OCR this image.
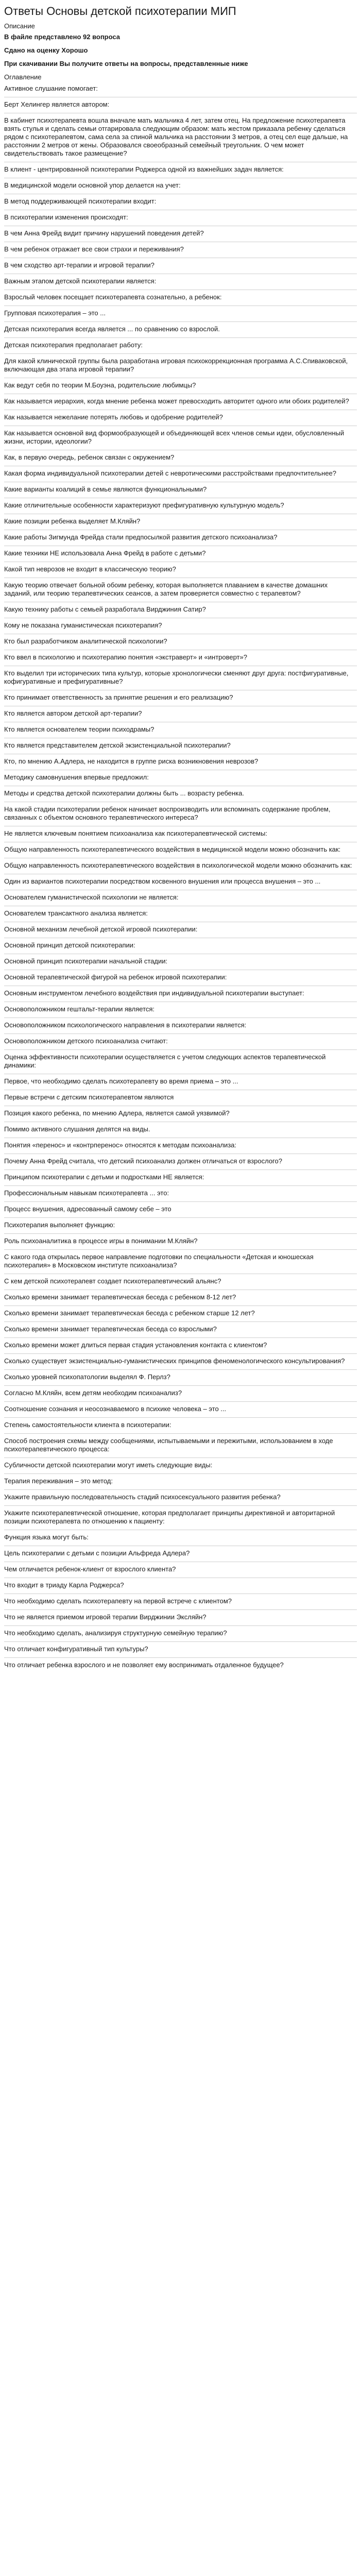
Ответы Основы детской психотерапии МИП

Описание

В файле представлено 92 вопроса

Сдано на оценку Хорошо

При скачивании Вы получите ответы на вопросы, представленные ниже

Оглавление

Активное слушание помогает:

Берт Хелингер является автором:

В кабинет психотерапевта вошла вначале мать мальчика 4 лет, затем отец. На предложение психотерапевта взять стулья и сделать семьи отгарировала следующим образом: мать жестом приказала ребенку сделаться рядом с психотерапевтом, сама села за спиной мальчика на расстоянии 3 метров, а отец сел еще дальше, на расстоянии 2 метров от жены. Образовался своеобразный семейный треугольник. О чем может свидетельствовать такое размещение?

В клиент - центрированной психотерапии Роджерса одной из важнейших задач является:

В медицинской модели основной упор делается на учет:

В метод поддерживающей психотерапии входит:

В психотерапии изменения происходят:

В чем Анна Фрейд видит причину нарушений поведения детей?

В чем ребенок отражает все свои страхи и переживания?

В чем сходство арт-терапии и игровой терапии?

Важным этапом детской психотерапии является:

Взрослый человек посещает психотерапевта сознательно, а ребенок:

Групповая психотерапия – это ...

Детская психотерапия всегда является ... по сравнению со взрослой.

Детская психотерапия предполагает работу:

Для какой клинической группы была разработана игровая психокоррекционная программа А.С.Спиваковской, включающая два этапа игровой терапии?

Как ведут себя по теории М.Боуэна, родительские любимцы?

Как называется иерархия, когда мнение ребенка может превосходить авторитет одного или обоих родителей?

Как называется нежелание потерять любовь и одобрение родителей?

Как называется основной вид формообразующей и объединяющей всех членов семьи идеи, обусловленный жизни, истории, идеологии?

Как, в первую очередь, ребенок связан с окружением?

Какая форма индивидуальной психотерапии детей с невротическими расстройствами предпочтительнее?

Какие варианты коалиций в семье являются функциональными?

Какие отличительные особенности характеризуют префигуративную культурную модель?

Какие позиции ребенка выделяет М.Кляйн?

Какие работы Зигмунда Фрейда стали предпосылкой развития детского психоанализа?

Какие техники НЕ использовала Анна Фрейд в работе с детьми?

Какой тип неврозов не входит в классическую теорию?

Какую теорию отвечает больной обоим ребенку, которая выполняется плаванием в качестве домашних заданий, или теорию терапевтических сеансов, а затем проверяется совместно с терапевтом?

Какую технику работы с семьей разработала Вирджиния Сатир?

Кому не показана гуманистическая психотерапия?

Кто был разработчиком аналитической психологии?

Кто ввел в психологию и психотерапию понятия «экстраверт» и «интроверт»?

Кто выделил три исторических типа культур, которые хронологически сменяют друг друга: постфигуративные, кофигуративные и префигуративные?

Кто принимает ответственность за принятие решения и его реализацию?

Кто является автором детской арт-терапии?

Кто является основателем теории психодрамы?

Кто является представителем детской экзистенциальной психотерапии?

Кто, по мнению А.Адлера, не находится в группе риска возникновения неврозов?

Методику самовнушения впервые предложил:

Методы и средства детской психотерапии должны быть ... возрасту ребенка.

На какой стадии психотерапии ребенок начинает воспроизводить или вспоминать содержание проблем, связанных с объектом основного терапевтического интереса?

Не является ключевым понятием психоанализа как психотерапевтической системы:

Общую направленность психотерапевтического воздействия в медицинской модели можно обозначить как:

Общую направленность психотерапевтического воздействия в психологической модели можно обозначить как:

Один из вариантов психотерапии посредством косвенного внушения или процесса внушения – это ...

Основателем гуманистической психологии не является:

Основателем трансактного анализа является:

Основной механизм лечебной детской игровой психотерапии:

Основной принцип детской психотерапии:

Основной принцип психотерапии начальной стадии:

Основной терапевтической фигурой на ребенок игровой психотерапии:

Основным инструментом лечебного воздействия при индивидуальной психотерапии выступает:

Основоположником гештальт-терапии является:

Основоположником психологического направления в психотерапии является:

Основоположником детского психоанализа считают:

Оценка эффективности психотерапии осуществляется с учетом следующих аспектов терапевтической динамики:

Первое, что необходимо сделать психотерапевту во время приема – это ...

Первые встречи с детским психотерапевтом являются

Позиция какого ребенка, по мнению Адлера, является самой уязвимой?

Помимо активного слушания делятся на виды.

Понятия «перенос» и «контрперенос» относятся к методам психоанализа:

Почему Анна Фрейд считала, что детский психоанализ должен отличаться от взрослого?

Принципом психотерапии с детьми и подростками НЕ является:

Профессиональным навыкам психотерапевта ... это:

Процесс внушения, адресованный самому себе – это

Психотерапия выполняет функцию:

Роль психоаналитика в процессе игры в понимании М.Кляйн?

С какого года открылась первое направление подготовки по специальности «Детская и юношеская психотерапия» в Московском институте психоанализа?

С кем детской психотерапевт создает психотерапевтический альянс?

Сколько времени занимает терапевтическая беседа с ребенком 8-12 лет?

Сколько времени занимает терапевтическая беседа с ребенком старше 12 лет?

Сколько времени занимает терапевтическая беседа со взрослыми?

Сколько времени может длиться первая стадия установления контакта с клиентом?

Сколько существует экзистенциально-гуманистических принципов феноменологического консультирования?

Сколько уровней психопатологии выделял Ф. Перлз?

Согласно М.Кляйн, всем детям необходим психоанализ?

Соотношение сознания и неосознаваемого в психике человека – это ...

Степень самостоятельности клиента в психотерапии:

Способ построения схемы между сообщениями, испытываемыми и пережитыми, использованием в ходе психотерапевтического процесса:

Субличности детской психотерапии могут иметь следующие виды:

Терапия переживания – это метод:

Укажите правильную последовательность стадий психосексуального развития ребенка?

Укажите психотерапевтической отношение, которая предполагает принципы директивной и авторитарной позиции психотерапевта по отношению к пациенту:

Функция языка могут быть:

Цель психотерапии с детьми с позиции Альфреда Адлера?

Чем отличается ребенок-клиент от взрослого клиента?

Что входит в триаду Карла Роджерса?

Что необходимо сделать психотерапевту на первой встрече с клиентом?

Что не является приемом игровой терапии Вирджинии Эксляйн?

Что необходимо сделать, анализируя структурную семейную терапию?

Что отличает конфигуративный тип культуры?

Что отличает ребенка взрослого и не позволяет ему воспринимать отдаленное будущее?
